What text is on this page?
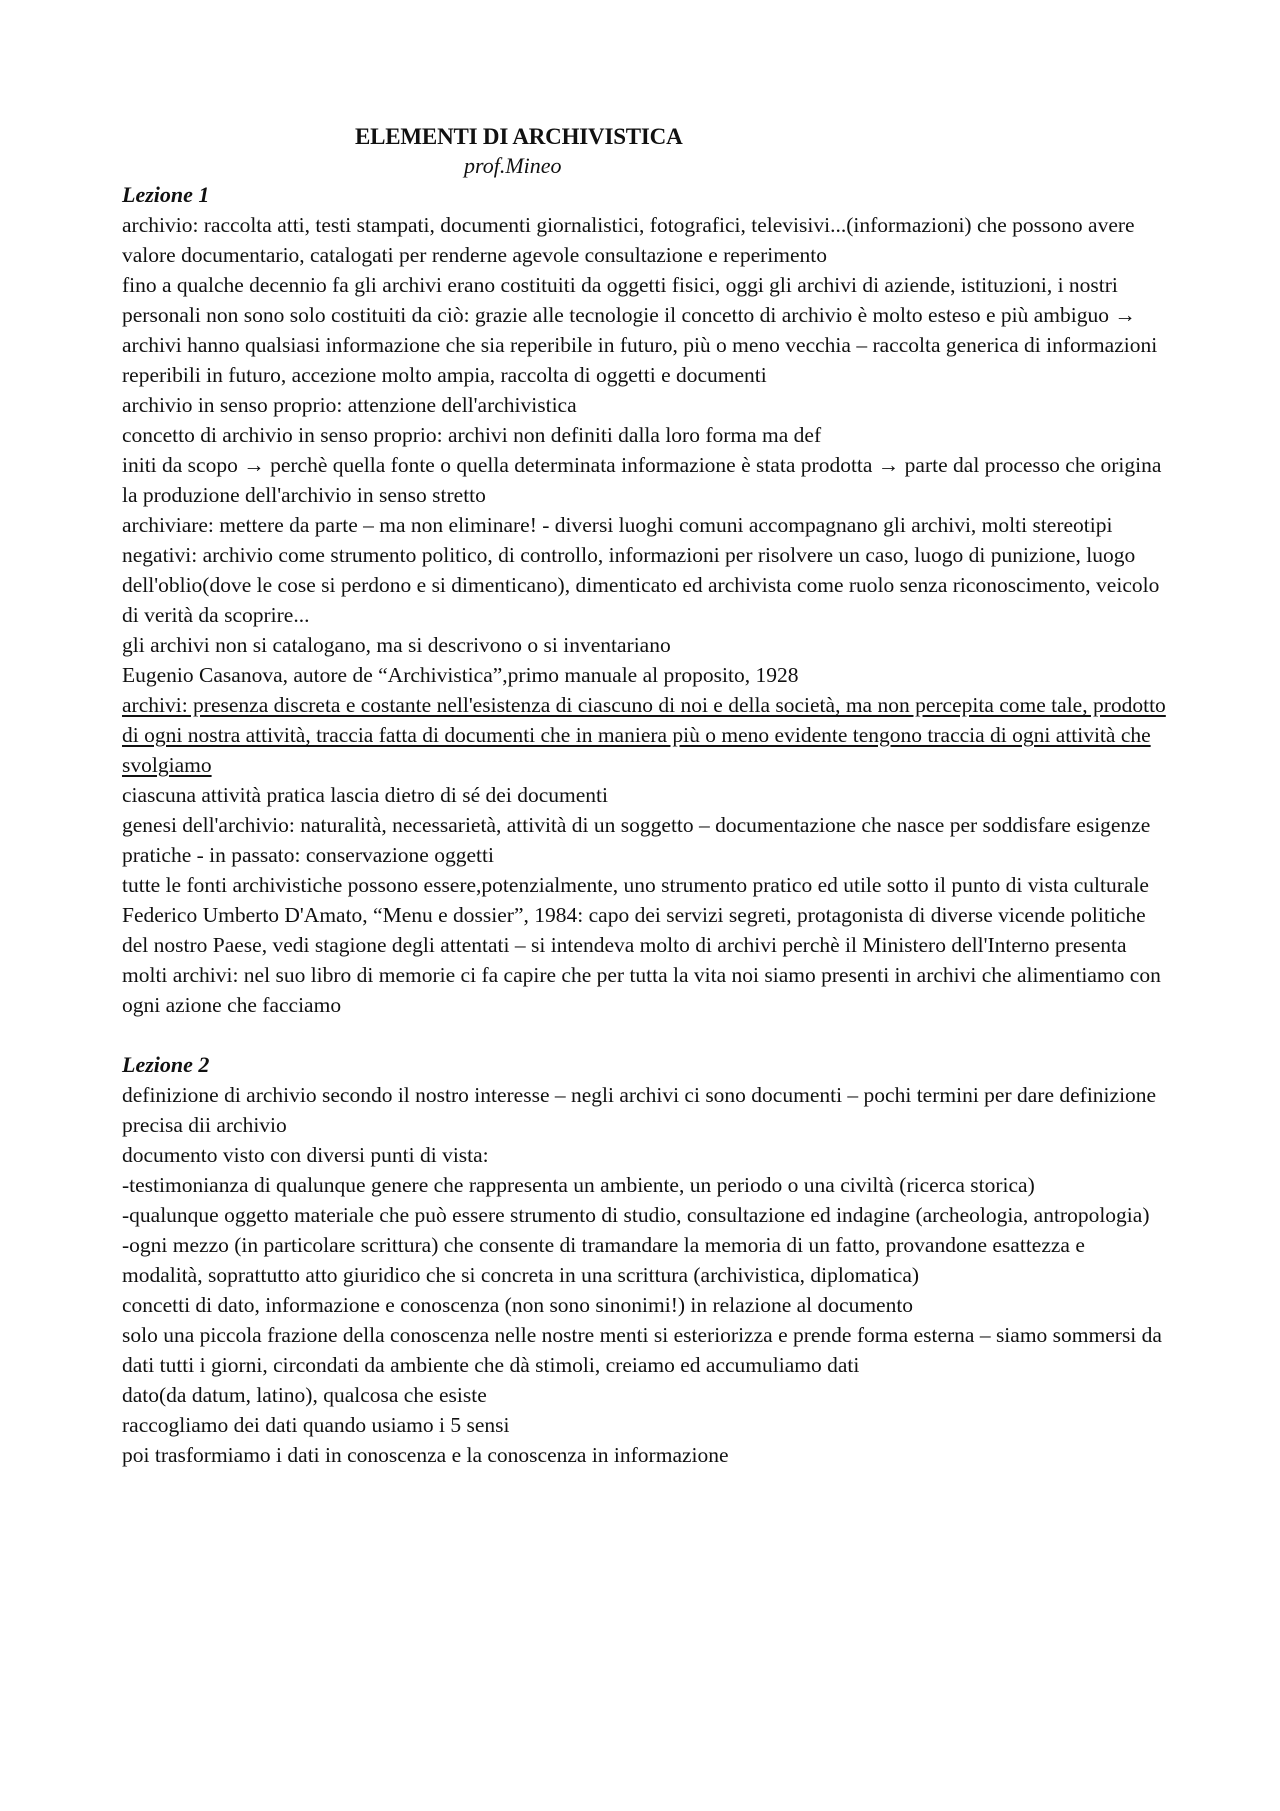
ELEMENTI DI ARCHIVISTICA
prof.Mineo
Lezione 1

archivio: raccolta atti, testi stampati, documenti giornalistici, fotografici, televisivi...(informazioni) che possono avere valore documentario, catalogati per renderne agevole consultazione e reperimento

fino a qualche decennio fa gli archivi erano costituiti da oggetti fisici, oggi gli archivi di aziende, istituzioni, i nostri personali non sono solo costituiti da ciò: grazie alle tecnologie il concetto di archivio è molto esteso e più ambiguo → archivi hanno qualsiasi informazione che sia reperibile in futuro, più o meno vecchia – raccolta generica di informazioni reperibili in futuro, accezione molto ampia, raccolta di oggetti e documenti

archivio in senso proprio: attenzione dell'archivistica

concetto di archivio in senso proprio: archivi non definiti dalla loro forma ma def

initi da scopo → perchè quella fonte o quella determinata informazione è stata prodotta → parte dal processo che origina la produzione dell'archivio in senso stretto

archiviare: mettere da parte – ma non eliminare! - diversi luoghi comuni accompagnano gli archivi, molti stereotipi negativi: archivio come strumento politico, di controllo, informazioni per risolvere un caso, luogo di punizione, luogo dell'oblio(dove le cose si perdono e si dimenticano), dimenticato ed archivista come ruolo senza riconoscimento, veicolo di verità da scoprire...

gli archivi non si catalogano, ma si descrivono o si inventariano

Eugenio Casanova, autore de “Archivistica”,primo manuale al proposito, 1928

archivi: presenza discreta e costante nell'esistenza di ciascuno di noi e della società, ma non percepita come tale, prodotto di ogni nostra attività, traccia fatta di documenti che in maniera più o meno evidente tengono traccia di ogni attività che svolgiamo

ciascuna attività pratica lascia dietro di sé dei documenti

genesi dell'archivio: naturalità, necessarietà, attività di un soggetto – documentazione che nasce per soddisfare esigenze pratiche - in passato: conservazione oggetti

tutte le fonti archivistiche possono essere,potenzialmente, uno strumento pratico ed utile sotto il punto di vista culturale

Federico Umberto D'Amato, “Menu e dossier”, 1984: capo dei servizi segreti, protagonista di diverse vicende politiche del nostro Paese, vedi stagione degli attentati – si intendeva molto di archivi perchè il Ministero dell'Interno presenta molti archivi: nel suo libro di memorie ci fa capire che per tutta la vita noi siamo presenti in archivi che alimentiamo con ogni azione che facciamo

Lezione 2

definizione di archivio secondo il nostro interesse – negli archivi ci sono documenti – pochi termini per dare definizione precisa dii archivio

documento visto con diversi punti di vista:

-testimonianza di qualunque genere che rappresenta un ambiente, un periodo o una civiltà (ricerca storica)

-qualunque oggetto materiale che può essere strumento di studio, consultazione ed indagine (archeologia, antropologia)

-ogni mezzo (in particolare scrittura) che consente di tramandare la memoria di un fatto, provandone esattezza e modalità, soprattutto atto giuridico che si concreta in una scrittura (archivistica, diplomatica)

concetti di dato, informazione e conoscenza (non sono sinonimi!) in relazione al documento

solo una piccola frazione della conoscenza nelle nostre menti si esteriorizza e prende forma esterna – siamo sommersi da dati tutti i giorni, circondati da ambiente che dà stimoli, creiamo ed accumuliamo dati

dato(da datum, latino), qualcosa che esiste

raccogliamo dei dati quando usiamo i 5 sensi

poi trasformiamo i dati in conoscenza e la conoscenza in informazione
